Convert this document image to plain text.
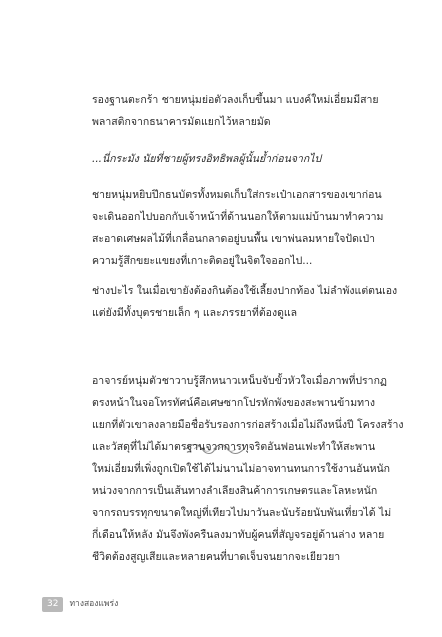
รองฐานตะกร้า ชายหนุ่มย่อตัวลงเก็บขึ้นมา แบงค์ใหม่เอี่ยมมีสาย
พลาสติกจากธนาคารมัดแยกไว้หลายมัด
...นี่กระมัง นัยที่ชายผู้ทรงอิทธิพลผู้นั้นย้ำก่อนจากไป
ชายหนุ่มหยิบปึกธนบัตรทั้งหมดเก็บใส่กระเป๋าเอกสารของเขาก่อน
จะเดินออกไปบอกกับเจ้าหน้าที่ด้านนอกให้ตามแม่บ้านมาทำความ
สะอาดเศษผลไม้ที่เกลื่อนกลาดอยู่บนพื้น เขาพ่นลมหายใจปัดเป่า
ความรู้สึกขยะแขยงที่เกาะติดอยู่ในจิตใจออกไป...
ช่างปะไร ในเมื่อเขายังต้องกินต้องใช้เลี้ยงปากท้อง ไม่ลำพังแต่ตนเอง
แต่ยังมีทั้งบุตรชายเล็ก ๆ และภรรยาที่ต้องดูแล
อาจารย์หนุ่มตัวชาวาบรู้สึกหนาวเหน็บจับขั้วหัวใจเมื่อภาพที่ปรากฏ
ตรงหน้าในจอโทรทัศน์คือเศษซากโปรหักพังของสะพานข้ามทาง
แยกที่ตัวเขาลงลายมือชื่อรับรองการก่อสร้างเมื่อไม่ถึงหนึ่งปี โครงสร้าง
และวัสดุที่ไม่ได้มาตรฐานจากการทุจริตอันฟอนเฟะทำให้สะพาน
ใหม่เอี่ยมที่เพิ่งถูกเปิดใช้ได้ไม่นานไม่อาจทานทนการใช้งานอันหนัก
หน่วงจากการเป็นเส้นทางลำเลียงสินค้าการเกษตรและโลหะหนัก
จากรถบรรทุกขนาดใหญ่ที่เทียวไปมาวันละนับร้อยนับพันเที่ยวได้ ไม่
กี่เดือนให้หลัง มันจึงพังครืนลงมาทับผู้คนที่สัญจรอยู่ด้านล่าง หลาย
ชีวิตต้องสูญเสียและหลายคนที่บาดเจ็บจนยากจะเยียวยา
32	ทางสองแพร่ง
